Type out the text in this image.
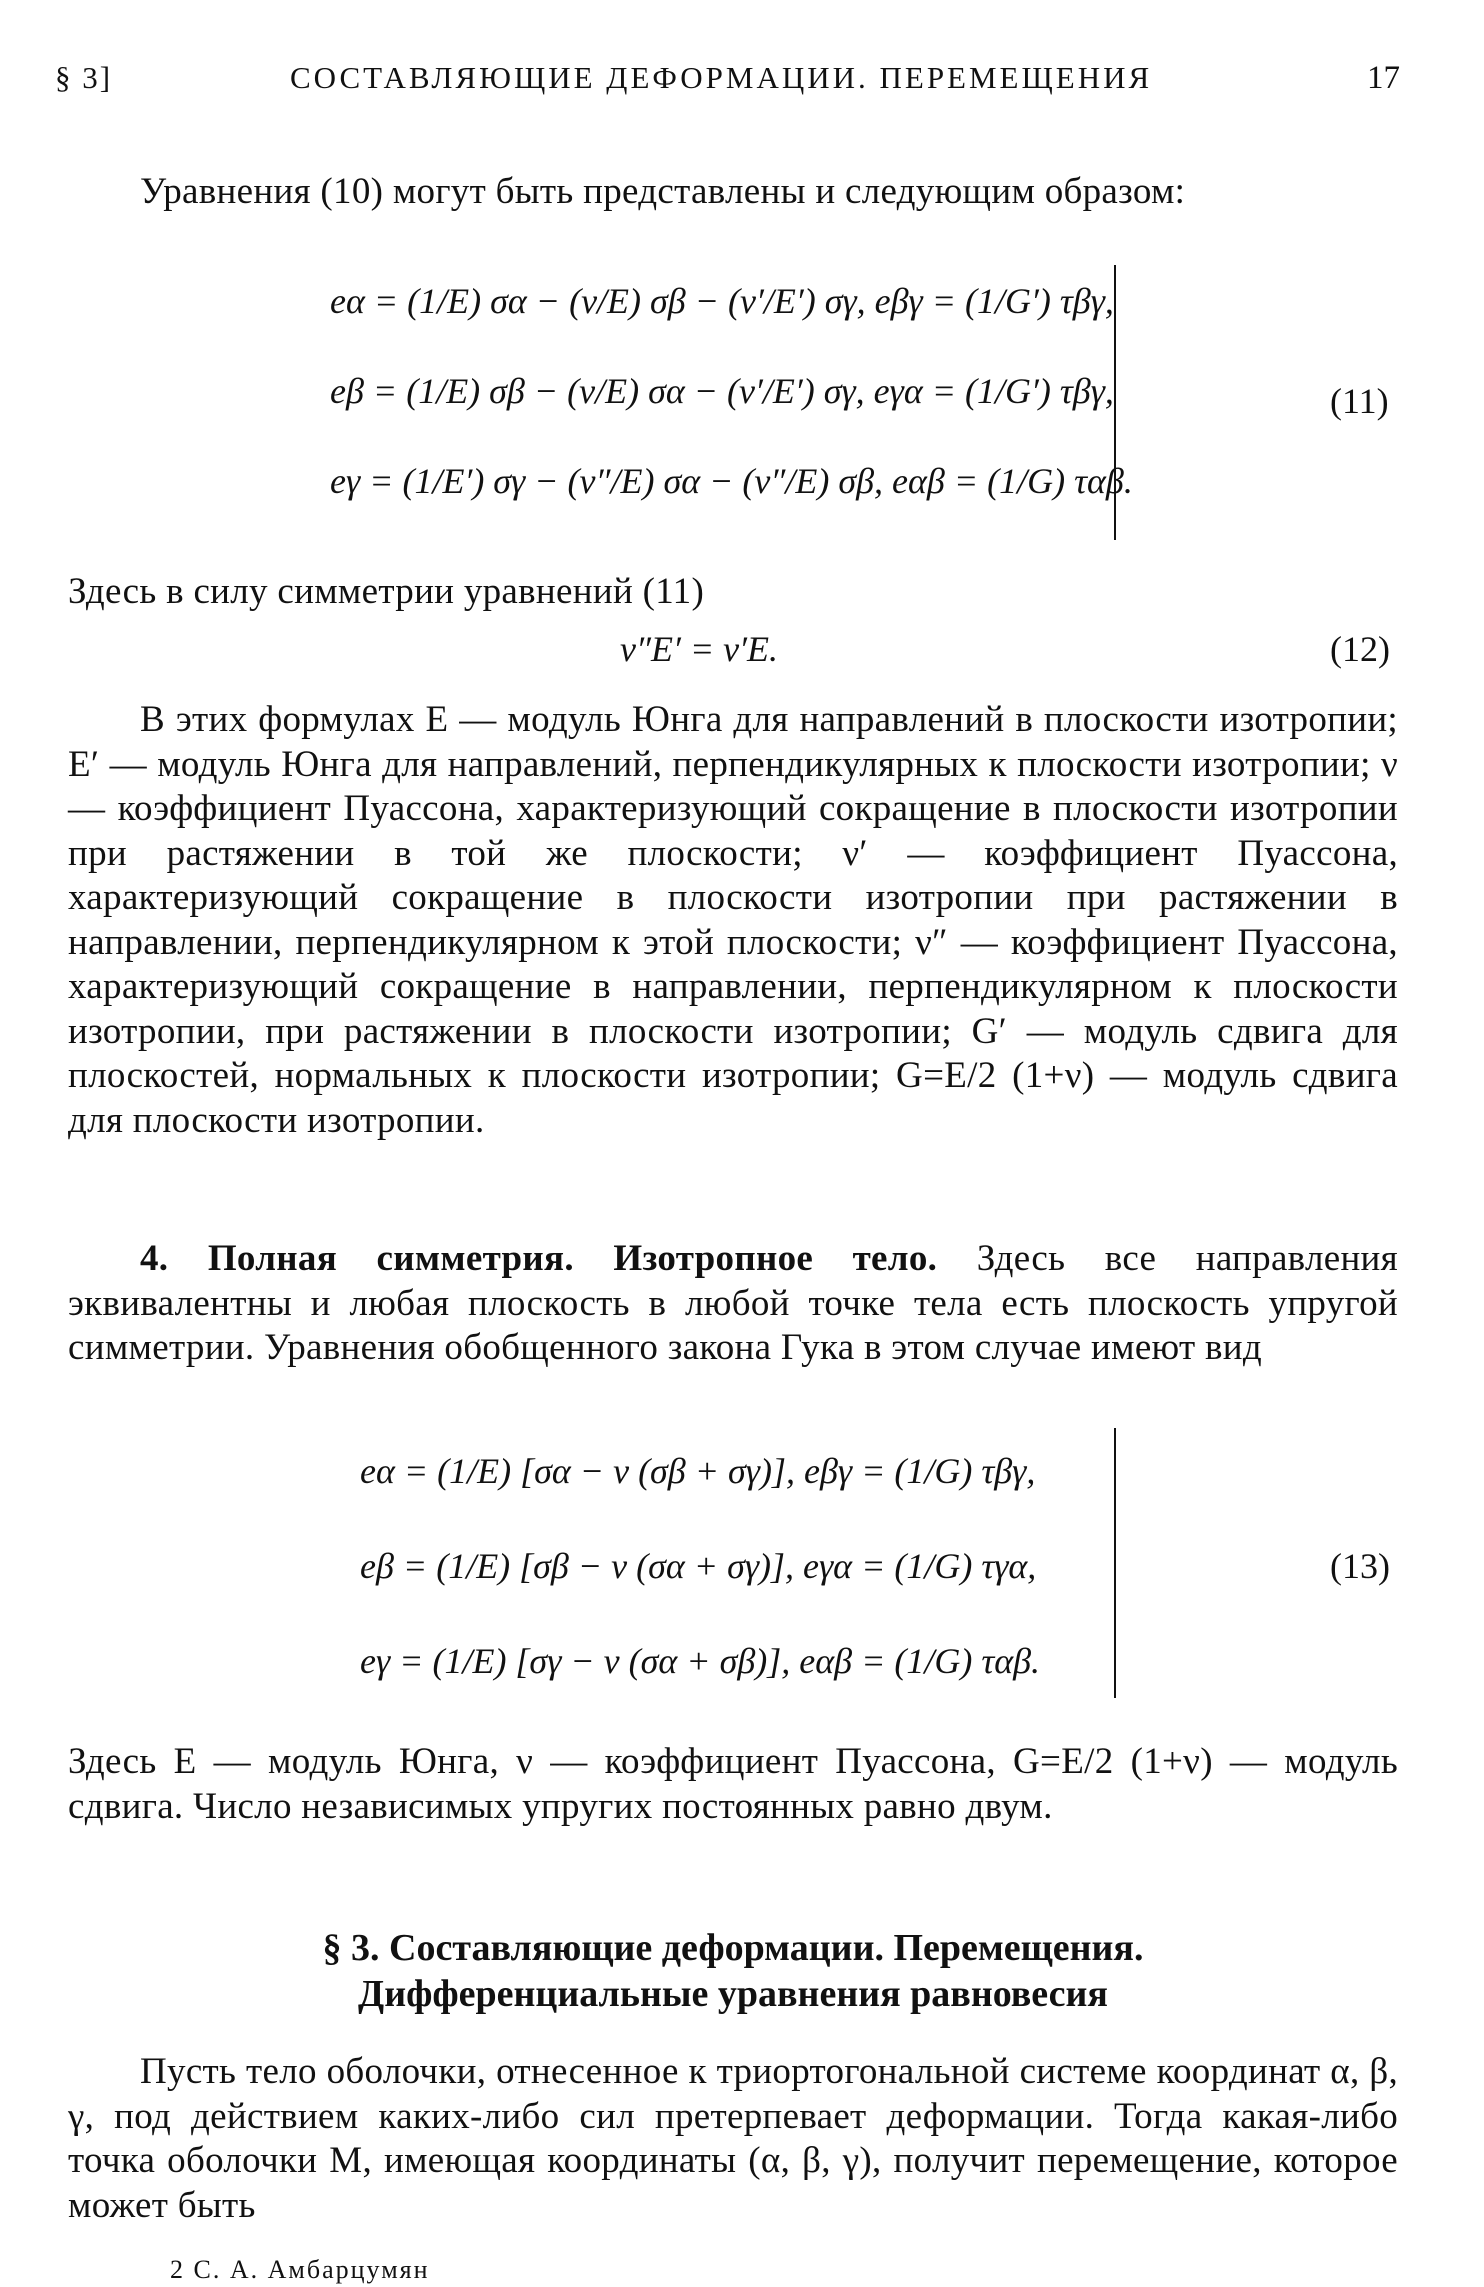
§ 3]	СОСТАВЛЯЮЩИЕ ДЕФОРМАЦИИ. ПЕРЕМЕЩЕНИЯ	17
Уравнения (10) могут быть представлены и следующим образом:
eα = (1/E) σα − (ν/E) σβ − (ν′/E′) σγ, eβγ = (1/G′) τβγ,
eβ = (1/E) σβ − (ν/E) σα − (ν′/E′) σγ, eγα = (1/G′) τβγ,
eγ = (1/E′) σγ − (ν″/E) σα − (ν″/E) σβ, eαβ = (1/G) ταβ.
(11)
Здесь в силу симметрии уравнений (11)
ν″E′ = ν′E.	(12)
В этих формулах E — модуль Юнга для направлений в плоскости изотропии; E′ — модуль Юнга для направлений, перпендикулярных к плоскости изотропии; ν — коэффициент Пуассона, характеризующий сокращение в плоскости изотропии при растяжении в той же плоскости; ν′ — коэффициент Пуассона, характеризующий сокращение в плоскости изотропии при растяжении в направлении, перпендикулярном к этой плоскости; ν″ — коэффициент Пуассона, характеризующий сокращение в направлении, перпендикулярном к плоскости изотропии, при растяжении в плоскости изотропии; G′ — модуль сдвига для плоскостей, нормальных к плоскости изотропии; G=E/2 (1+ν) — модуль сдвига для плоскости изотропии.
4. Полная симметрия. Изотропное тело. Здесь все направления эквивалентны и любая плоскость в любой точке тела есть плоскость упругой симметрии. Уравнения обобщенного закона Гука в этом случае имеют вид
eα = (1/E) [σα − ν (σβ + σγ)], eβγ = (1/G) τβγ,
eβ = (1/E) [σβ − ν (σα + σγ)], eγα = (1/G) τγα,
eγ = (1/E) [σγ − ν (σα + σβ)], eαβ = (1/G) ταβ.
(13)
Здесь E — модуль Юнга, ν — коэффициент Пуассона, G=E/2 (1+ν) — модуль сдвига. Число независимых упругих постоянных равно двум.
§ 3. Составляющие деформации. Перемещения.
Дифференциальные уравнения равновесия
Пусть тело оболочки, отнесенное к триортогональной системе координат α, β, γ, под действием каких-либо сил претерпевает деформации. Тогда какая-либо точка оболочки M, имеющая координаты (α, β, γ), получит перемещение, которое может быть
2 С. А. Амбарцумян
